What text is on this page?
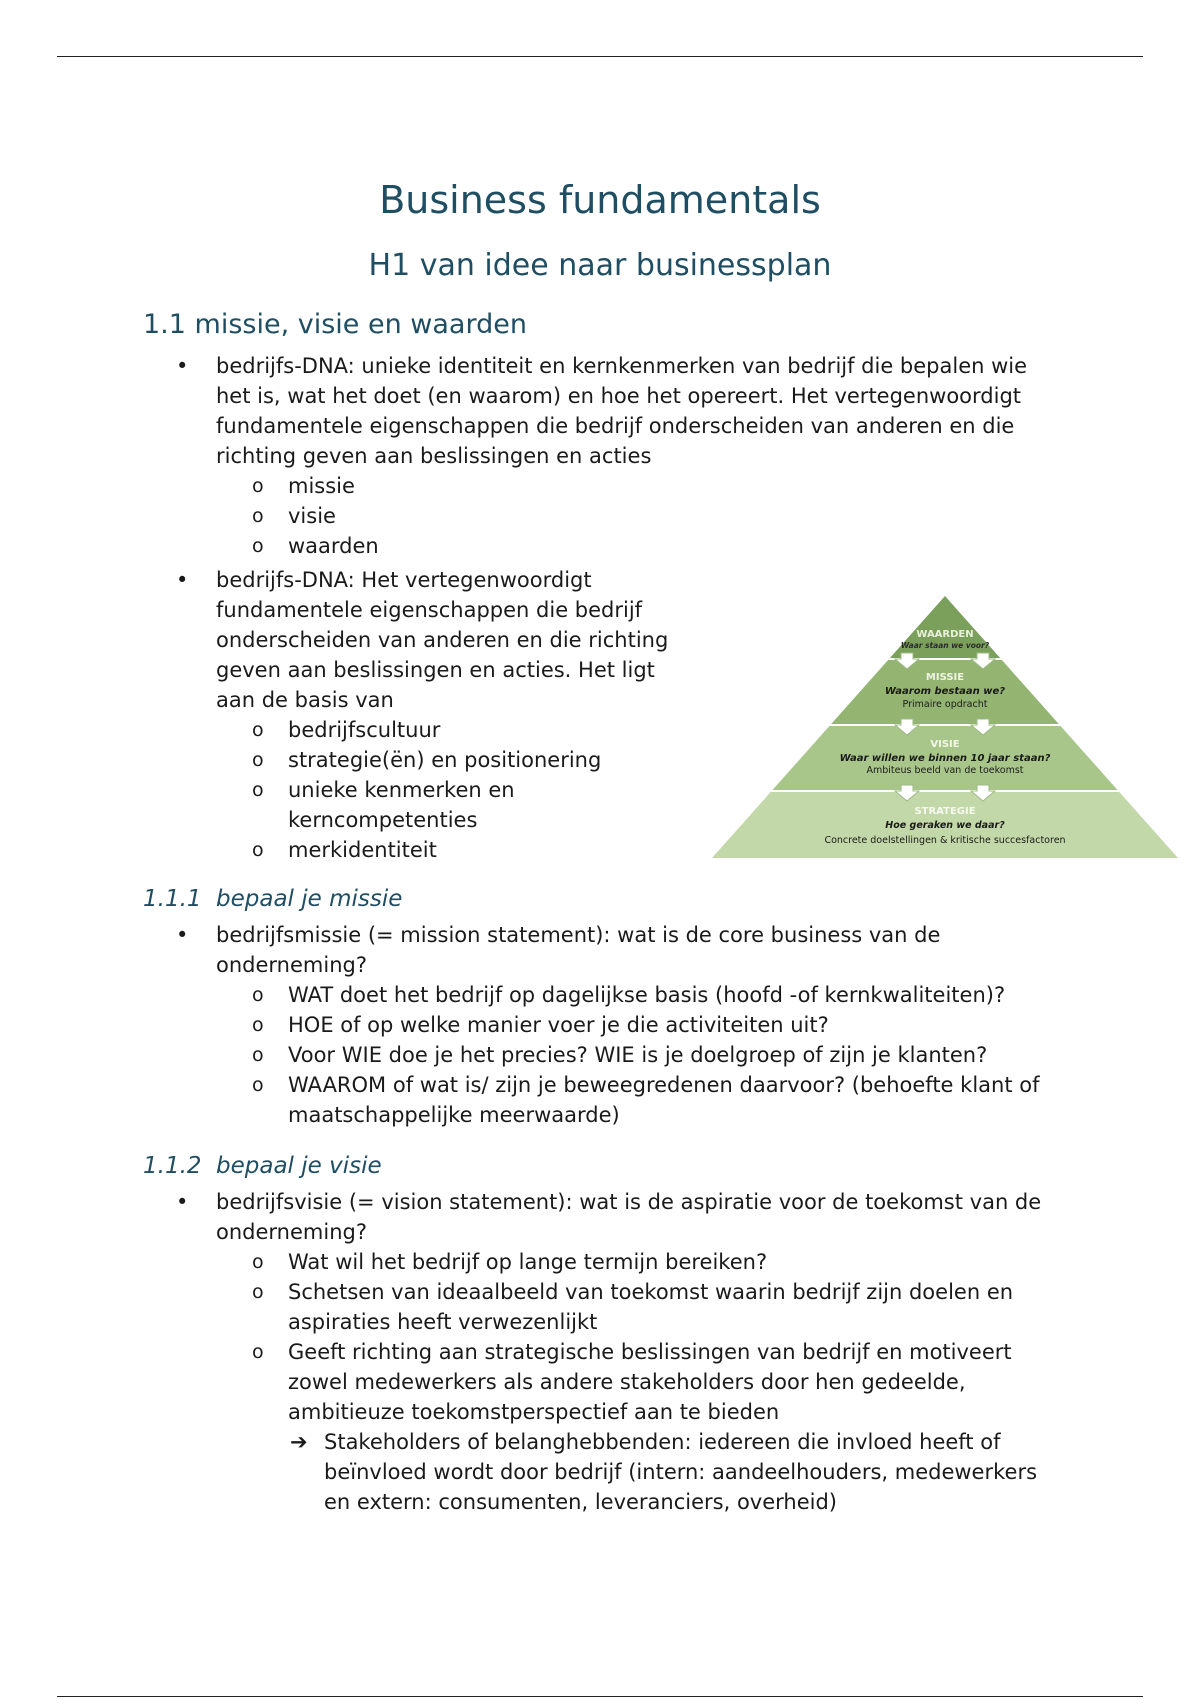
Business fundamentals
H1 van idee naar businessplan
1.1 missie, visie en waarden
• bedrijfs-DNA: unieke identiteit en kernkenmerken van bedrijf die bepalen wie het is, wat het doet (en waarom) en hoe het opereert. Het vertegenwoordigt fundamentele eigenschappen die bedrijf onderscheiden van anderen en die richting geven aan beslissingen en acties
o missie
o visie
o waarden
• bedrijfs-DNA: Het vertegenwoordigt fundamentele eigenschappen die bedrijf onderscheiden van anderen en die richting geven aan beslissingen en acties. Het ligt aan de basis van
o bedrijfscultuur
o strategie(ën) en positionering
o unieke kenmerken en kerncompetenties
o merkidentiteit
WAARDEN
Waar staan we voor?
MISSIE
Waarom bestaan we?
Primaire opdracht
VISIE
Waar willen we binnen 10 jaar staan?
Ambiteus beeld van de toekomst
STRATEGIE
Hoe geraken we daar?
Concrete doelstellingen & kritische succesfactoren
1.1.1 bepaal je missie
• bedrijfsmissie (= mission statement): wat is de core business van de onderneming?
o WAT doet het bedrijf op dagelijkse basis (hoofd -of kernkwaliteiten)?
o HOE of op welke manier voer je die activiteiten uit?
o Voor WIE doe je het precies? WIE is je doelgroep of zijn je klanten?
o WAAROM of wat is/ zijn je beweegredenen daarvoor? (behoefte klant of maatschappelijke meerwaarde)
1.1.2 bepaal je visie
• bedrijfsvisie (= vision statement): wat is de aspiratie voor de toekomst van de onderneming?
o Wat wil het bedrijf op lange termijn bereiken?
o Schetsen van ideaalbeeld van toekomst waarin bedrijf zijn doelen en aspiraties heeft verwezenlijkt
o Geeft richting aan strategische beslissingen van bedrijf en motiveert zowel medewerkers als andere stakeholders door hen gedeelde, ambitieuze toekomstperspectief aan te bieden
➔ Stakeholders of belanghebbenden: iedereen die invloed heeft of beïnvloed wordt door bedrijf (intern: aandeelhouders, medewerkers en extern: consumenten, leveranciers, overheid)
